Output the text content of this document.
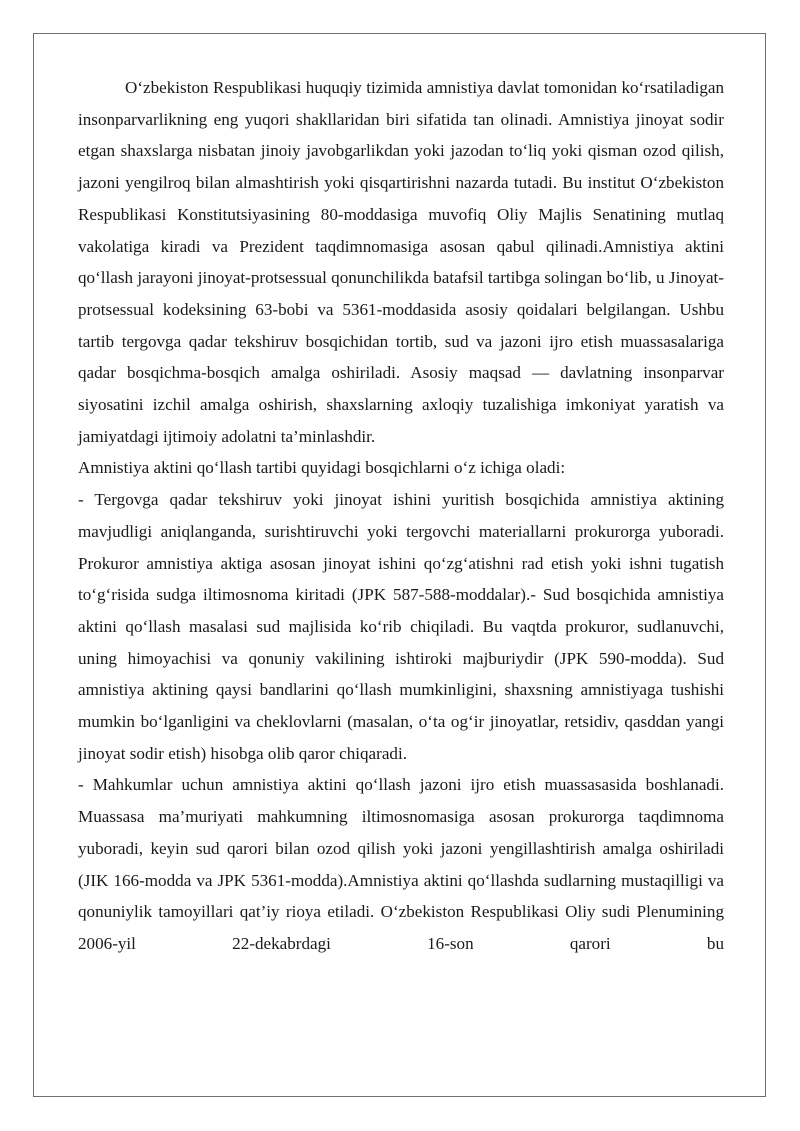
O‘zbekiston Respublikasi huquqiy tizimida amnistiya davlat tomonidan ko‘rsatiladigan insonparvarlikning eng yuqori shakllaridan biri sifatida tan olinadi. Amnistiya jinoyat sodir etgan shaxslarga nisbatan jinoiy javobgarlikdan yoki jazodan to‘liq yoki qisman ozod qilish, jazoni yengilroq bilan almashtirish yoki qisqartirishni nazarda tutadi. Bu institut O‘zbekiston Respublikasi Konstitutsiyasining 80-moddasiga muvofiq Oliy Majlis Senatining mutlaq vakolatiga kiradi va Prezident taqdimnomasiga asosan qabul qilinadi.Amnistiya aktini qo‘llash jarayoni jinoyat-protsessual qonunchilikda batafsil tartibga solingan bo‘lib, u Jinoyat-protsessual kodeksining 63-bobi va 5361-moddasida asosiy qoidalari belgilangan. Ushbu tartib tergovga qadar tekshiruv bosqichidan tortib, sud va jazoni ijro etish muassasalariga qadar bosqichma-bosqich amalga oshiriladi. Asosiy maqsad — davlatning insonparvar siyosatini izchil amalga oshirish, shaxslarning axloqiy tuzalishiga imkoniyat yaratish va jamiyatdagi ijtimoiy adolatni ta’minlashdir.

Amnistiya aktini qo‘llash tartibi quyidagi bosqichlarni o‘z ichiga oladi:

- Tergovga qadar tekshiruv yoki jinoyat ishini yuritish bosqichida amnistiya aktining mavjudligi aniqlanganda, surishtiruvchi yoki tergovchi materiallarni prokurorga yuboradi. Prokuror amnistiya aktiga asosan jinoyat ishini qo‘zg‘atishni rad etish yoki ishni tugatish to‘g‘risida sudga iltimosnoma kiritadi (JPK 587-588-moddalar).- Sud bosqichida amnistiya aktini qo‘llash masalasi sud majlisida ko‘rib chiqiladi. Bu vaqtda prokuror, sudlanuvchi, uning himoyachisi va qonuniy vakilining ishtiroki majburiydir (JPK 590-modda). Sud amnistiya aktining qaysi bandlarini qo‘llash mumkinligini, shaxsning amnistiyaga tushishi mumkin bo‘lganligini va cheklovlarni (masalan, o‘ta og‘ir jinoyatlar, retsidiv, qasddan yangi jinoyat sodir etish) hisobga olib qaror chiqaradi.

- Mahkumlar uchun amnistiya aktini qo‘llash jazoni ijro etish muassasasida boshlanadi. Muassasa ma’muriyati mahkumning iltimosnomasiga asosan prokurorga taqdimnoma yuboradi, keyin sud qarori bilan ozod qilish yoki jazoni yengillashtirish amalga oshiriladi (JIK 166-modda va JPK 5361-modda).Amnistiya aktini qo‘llashda sudlarning mustaqilligi va qonuniylik tamoyillari qat’iy rioya etiladi. O‘zbekiston Respublikasi Oliy sudi Plenumining 2006-yil 22-dekabrdagi 16-son qarori bu
